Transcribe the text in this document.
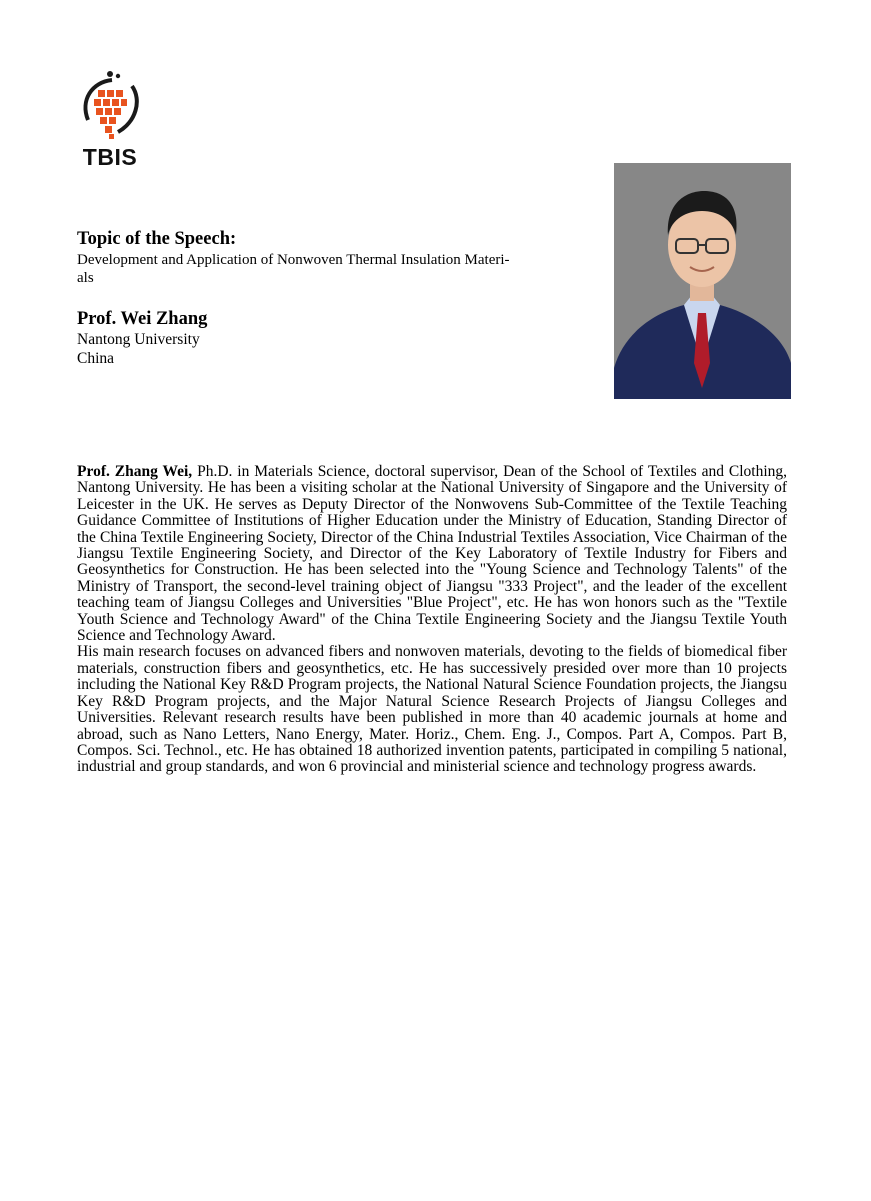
TBIS
Topic of the Speech:
Development and Application of Nonwoven Thermal Insulation Materi-
als
Prof. Wei Zhang
Nantong University
China

Prof. Zhang Wei, Ph.D. in Materials Science, doctoral supervisor, Dean of the School of Textiles and Clothing, Nantong University. He has been a visiting scholar at the National University of Singapore and the University of Leicester in the UK. He serves as Deputy Director of the Nonwovens Sub-Committee of the Textile Teaching Guidance Committee of Institutions of Higher Education under the Ministry of Education, Standing Director of the China Textile Engineering Society, Director of the China Industrial Textiles Association, Vice Chairman of the Jiangsu Textile Engineering Society, and Director of the Key Laboratory of Textile Industry for Fibers and Geosynthetics for Construction. He has been selected into the "Young Science and Technology Talents" of the Ministry of Transport, the second-level training object of Jiangsu "333 Project", and the leader of the excellent teaching team of Jiangsu Colleges and Universities "Blue Project", etc. He has won honors such as the "Textile Youth Science and Technology Award" of the China Textile Engineering Society and the Jiangsu Textile Youth Science and Technology Award.

His main research focuses on advanced fibers and nonwoven materials, devoting to the fields of biomedical fiber materials, construction fibers and geosynthetics, etc. He has successively presided over more than 10 projects including the National Key R&D Program projects, the National Natural Science Foundation projects, the Jiangsu Key R&D Program projects, and the Major Natural Science Research Projects of Jiangsu Colleges and Universities. Relevant research results have been published in more than 40 academic journals at home and abroad, such as Nano Letters, Nano Energy, Mater. Horiz., Chem. Eng. J., Compos. Part A, Compos. Part B, Compos. Sci. Technol., etc. He has obtained 18 authorized invention patents, participated in compiling 5 national, industrial and group standards, and won 6 provincial and ministerial science and technology progress awards.
